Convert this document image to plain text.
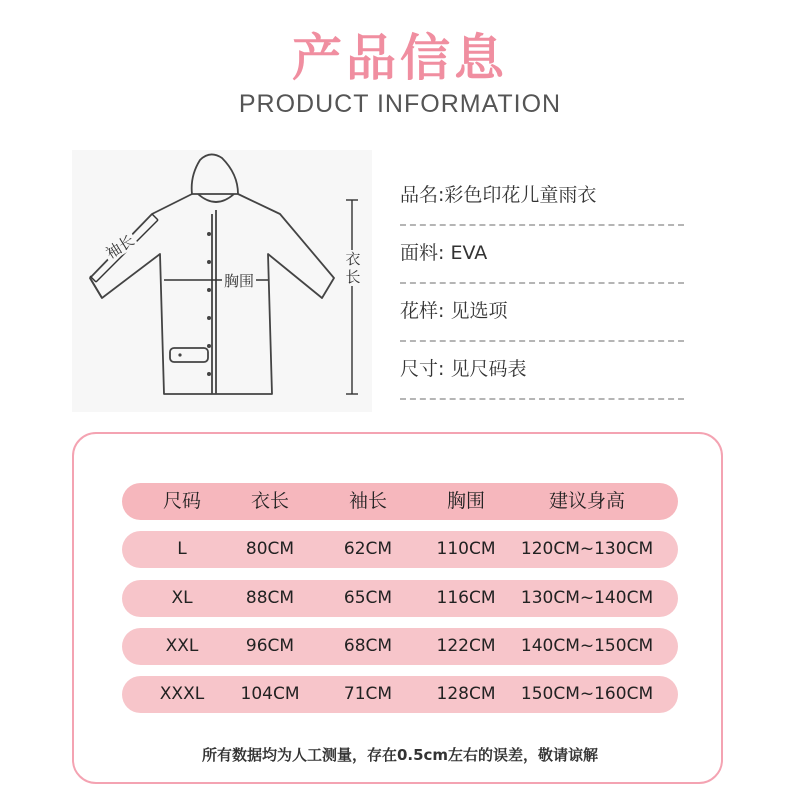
产品信息
PRODUCT INFORMATION
袖长
胸围
衣长
品名:彩色印花儿童雨衣
面料: EVA
花样: 见选项
尺寸: 见尺码表
尺码	衣长	袖长	胸围	建议身高
L	80CM	62CM	110CM	120CM~130CM
XL	88CM	65CM	116CM	130CM~140CM
XXL	96CM	68CM	122CM	140CM~150CM
XXXL	104CM	71CM	128CM	150CM~160CM
所有数据均为人工测量，存在0.5cm左右的误差，敬请谅解
